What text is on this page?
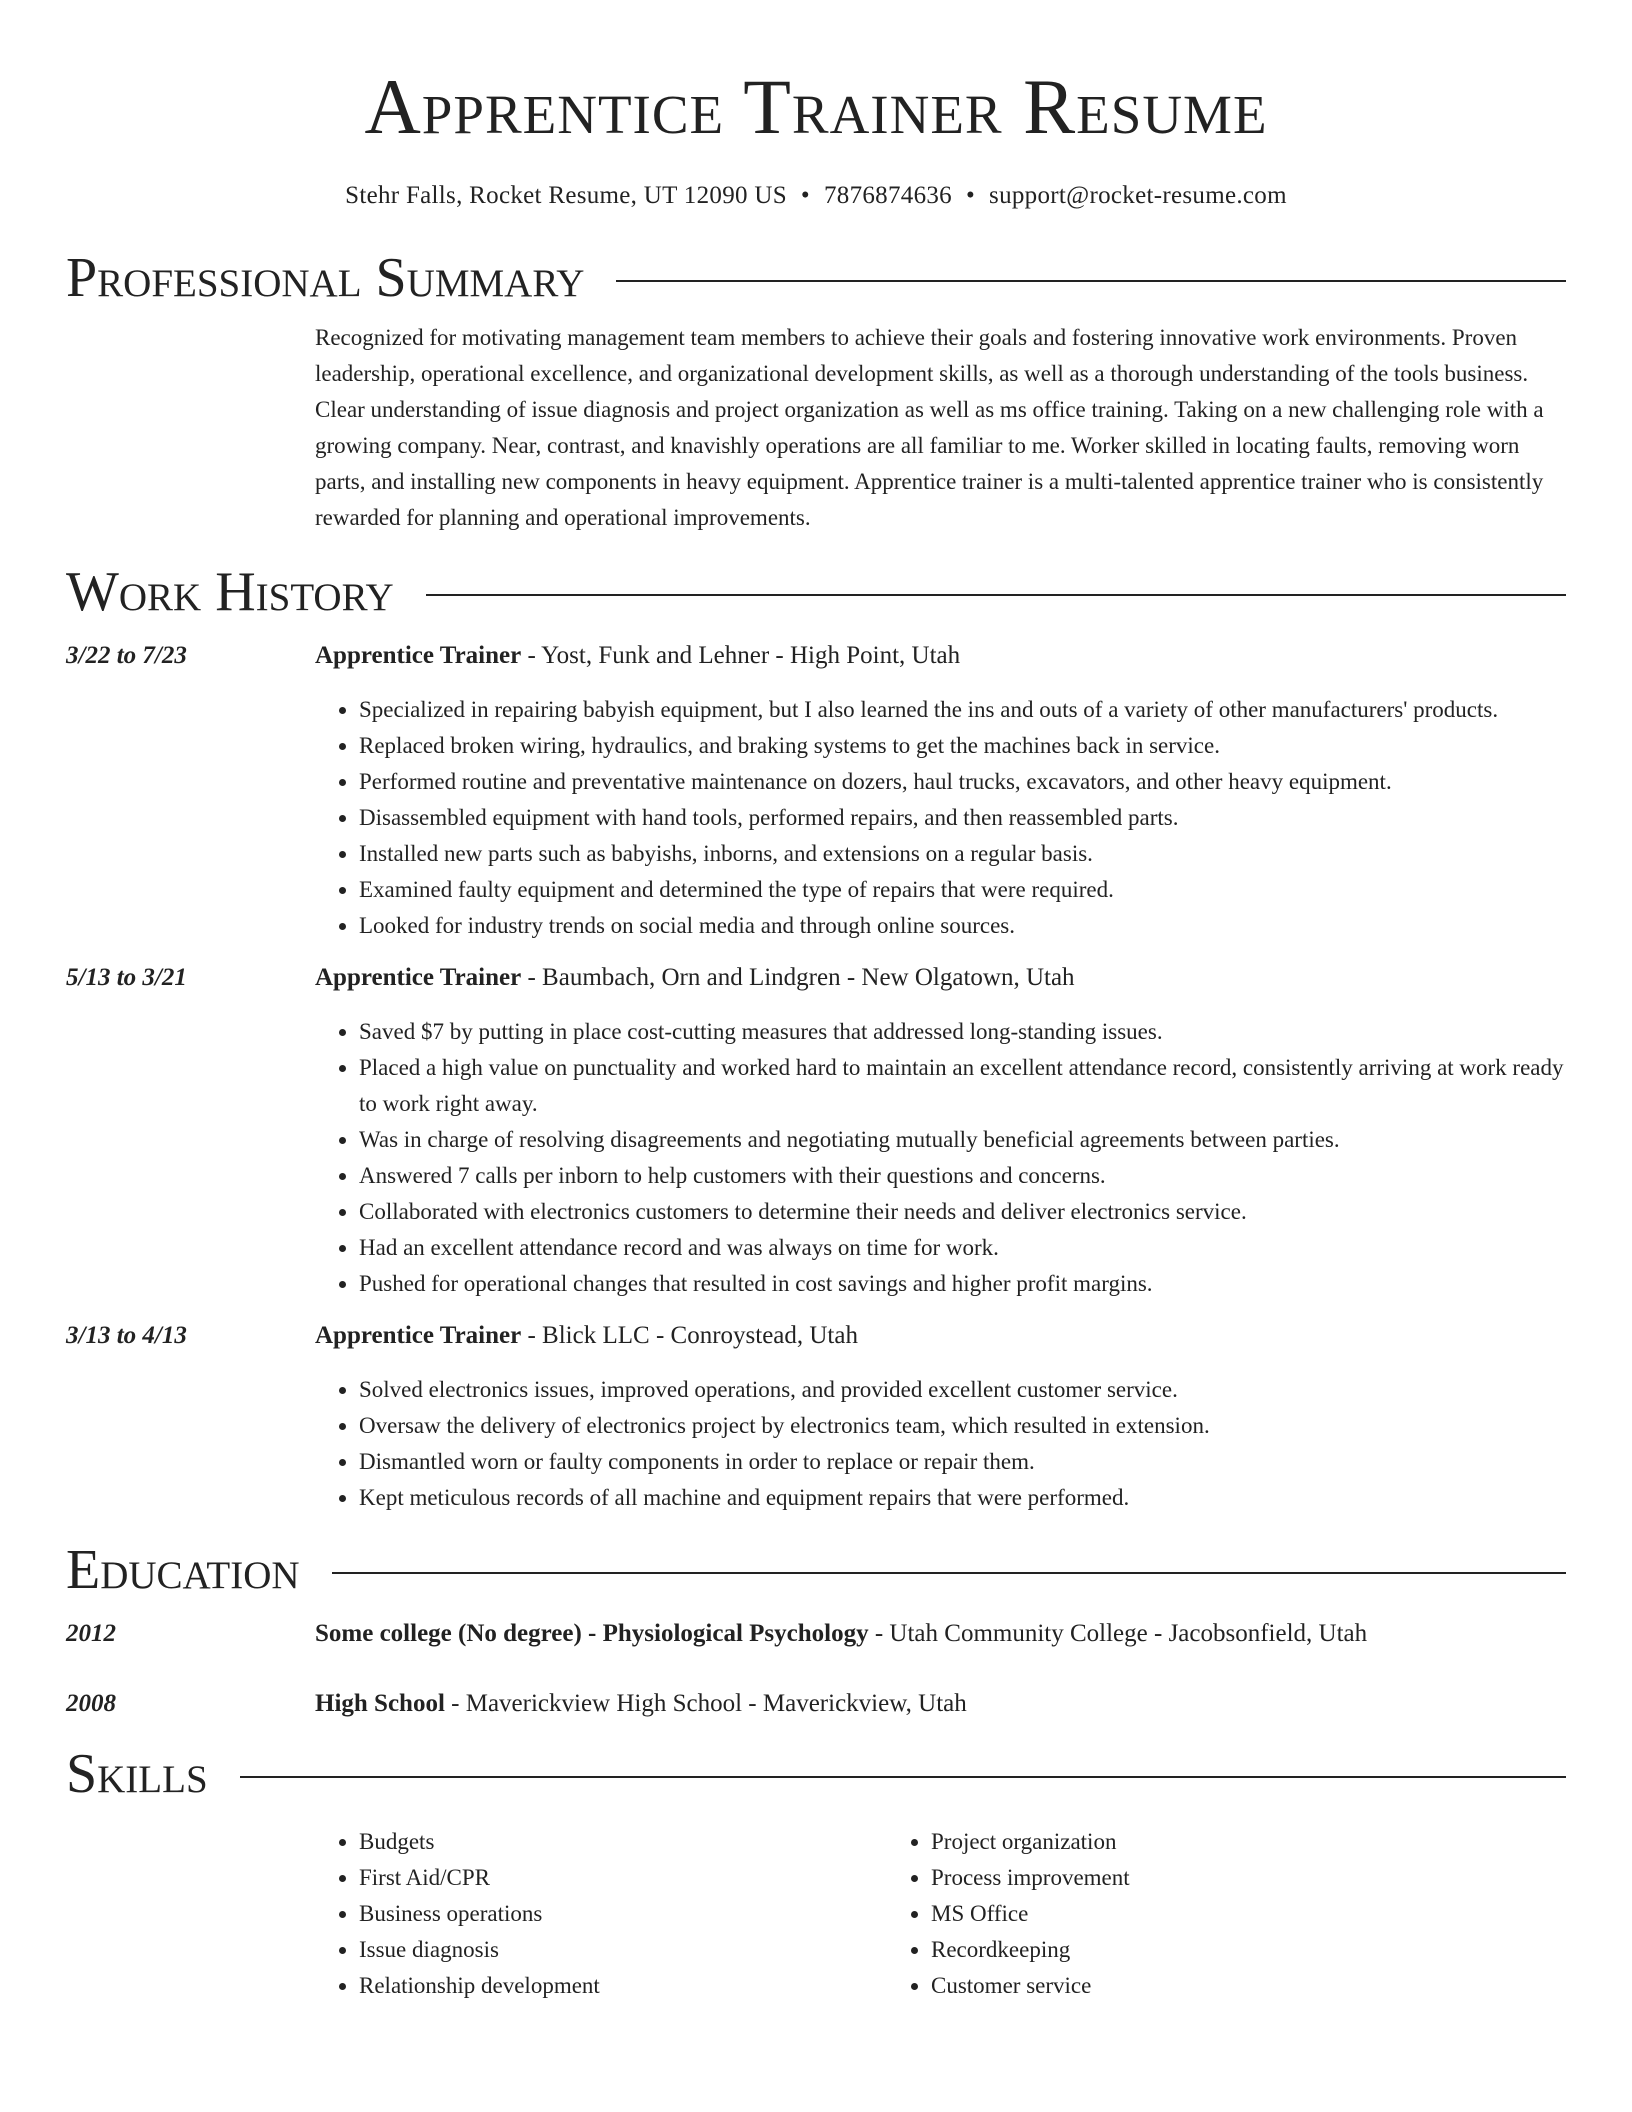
Apprentice Trainer Resume
Stehr Falls, Rocket Resume, UT 12090 US • 7876874636 • support@rocket-resume.com
Professional Summary
Recognized for motivating management team members to achieve their goals and fostering innovative work environments. Proven leadership, operational excellence, and organizational development skills, as well as a thorough understanding of the tools business. Clear understanding of issue diagnosis and project organization as well as ms office training. Taking on a new challenging role with a growing company. Near, contrast, and knavishly operations are all familiar to me. Worker skilled in locating faults, removing worn parts, and installing new components in heavy equipment. Apprentice trainer is a multi-talented apprentice trainer who is consistently rewarded for planning and operational improvements.
Work History
3/22 to 7/23	Apprentice Trainer - Yost, Funk and Lehner - High Point, Utah
• Specialized in repairing babyish equipment, but I also learned the ins and outs of a variety of other manufacturers' products.
• Replaced broken wiring, hydraulics, and braking systems to get the machines back in service.
• Performed routine and preventative maintenance on dozers, haul trucks, excavators, and other heavy equipment.
• Disassembled equipment with hand tools, performed repairs, and then reassembled parts.
• Installed new parts such as babyishs, inborns, and extensions on a regular basis.
• Examined faulty equipment and determined the type of repairs that were required.
• Looked for industry trends on social media and through online sources.
5/13 to 3/21	Apprentice Trainer - Baumbach, Orn and Lindgren - New Olgatown, Utah
• Saved $7 by putting in place cost-cutting measures that addressed long-standing issues.
• Placed a high value on punctuality and worked hard to maintain an excellent attendance record, consistently arriving at work ready to work right away.
• Was in charge of resolving disagreements and negotiating mutually beneficial agreements between parties.
• Answered 7 calls per inborn to help customers with their questions and concerns.
• Collaborated with electronics customers to determine their needs and deliver electronics service.
• Had an excellent attendance record and was always on time for work.
• Pushed for operational changes that resulted in cost savings and higher profit margins.
3/13 to 4/13	Apprentice Trainer - Blick LLC - Conroystead, Utah
• Solved electronics issues, improved operations, and provided excellent customer service.
• Oversaw the delivery of electronics project by electronics team, which resulted in extension.
• Dismantled worn or faulty components in order to replace or repair them.
• Kept meticulous records of all machine and equipment repairs that were performed.
Education
2012	Some college (No degree) - Physiological Psychology - Utah Community College - Jacobsonfield, Utah
2008	High School - Maverickview High School - Maverickview, Utah
Skills
• Budgets
• First Aid/CPR
• Business operations
• Issue diagnosis
• Relationship development
• Project organization
• Process improvement
• MS Office
• Recordkeeping
• Customer service
